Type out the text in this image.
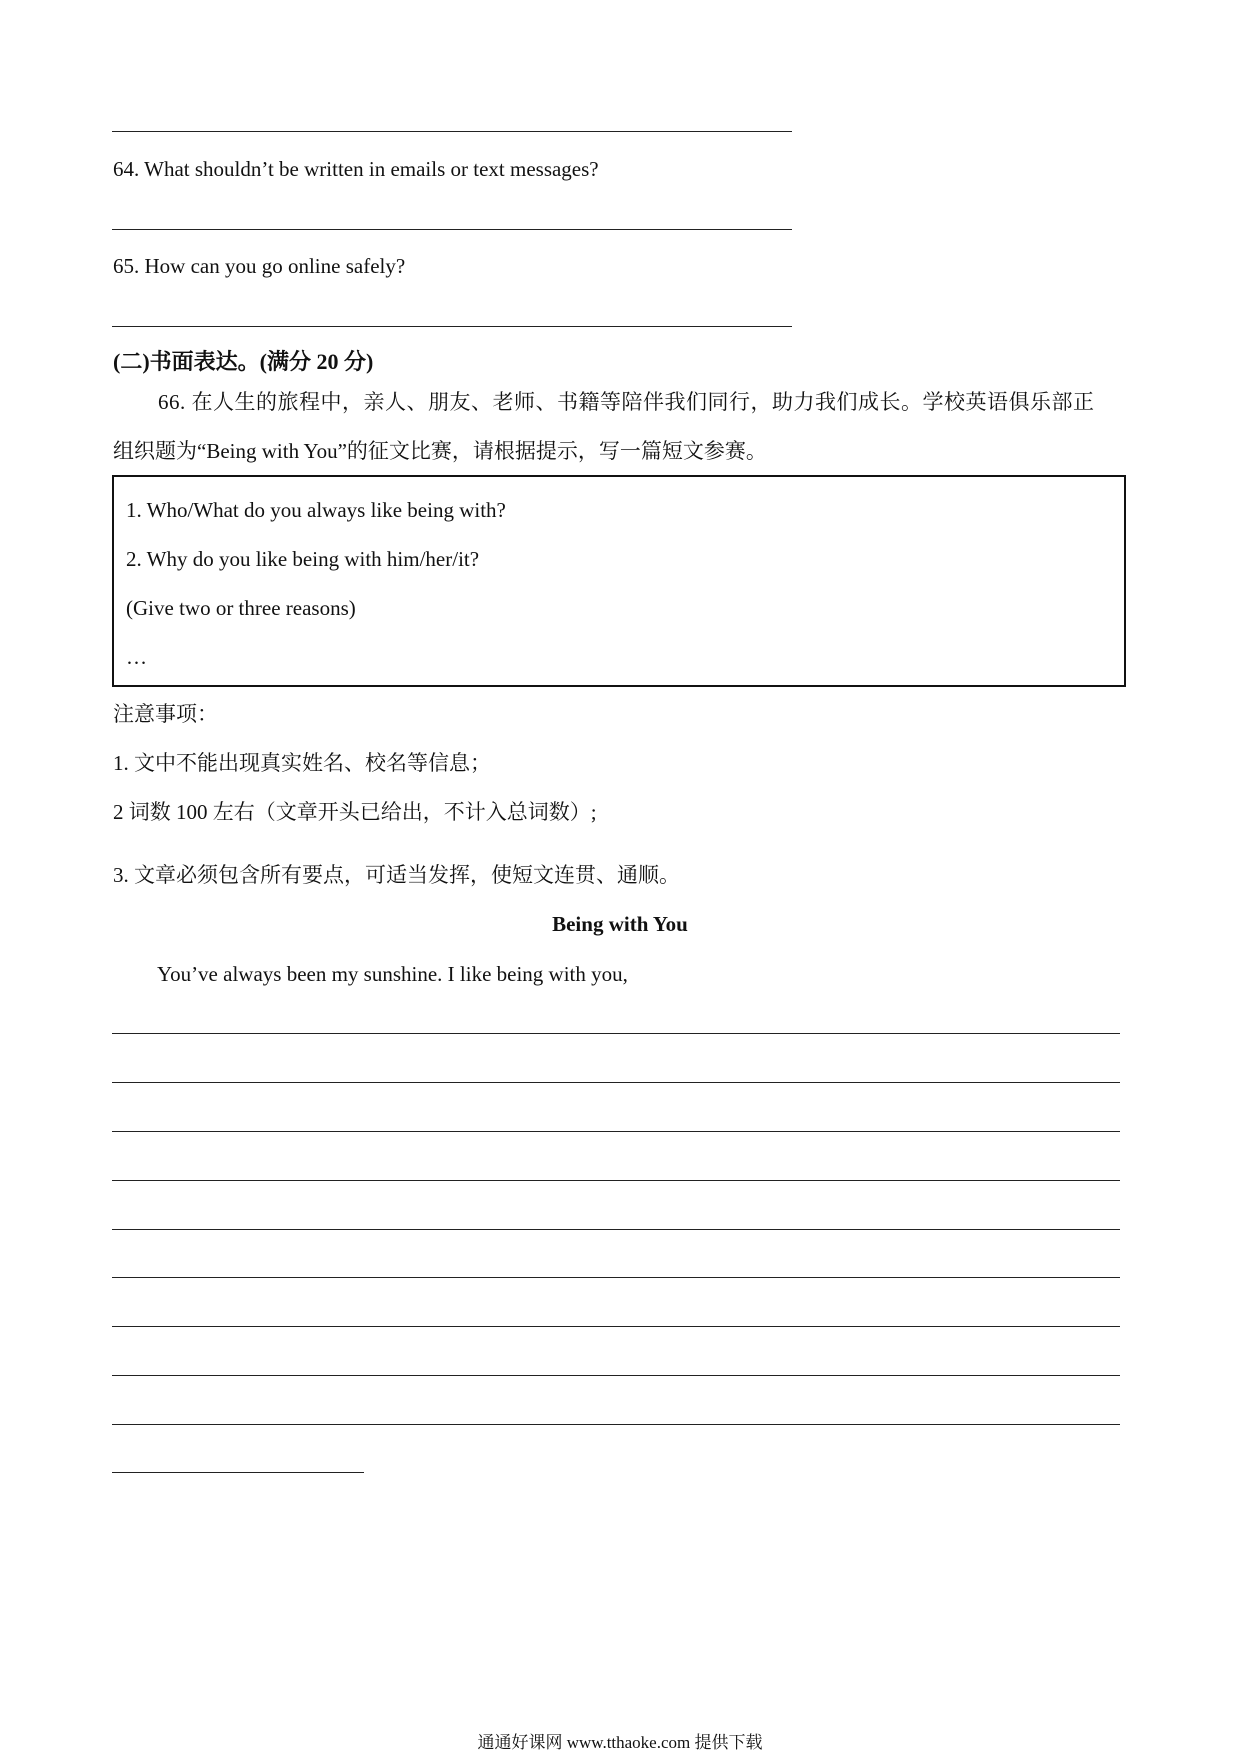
64. What shouldn’t be written in emails or text messages?
65. How can you go online safely?
(二)书面表达。(满分 20 分)
66. 在人生的旅程中，亲人、朋友、老师、书籍等陪伴我们同行，助力我们成长。学校英语俱乐部正
组织题为“Being with You”的征文比赛，请根据提示，写一篇短文参赛。
1. Who/What do you always like being with?
2. Why do you like being with him/her/it?
(Give two or three reasons)
…
注意事项：
1. 文中不能出现真实姓名、校名等信息；
2 词数 100 左右（文章开头已给出，不计入总词数）;
3. 文章必须包含所有要点，可适当发挥，使短文连贯、通顺。
Being with You
You’ve always been my sunshine. I like being with you,
通通好课网 www.tthaoke.com 提供下载
